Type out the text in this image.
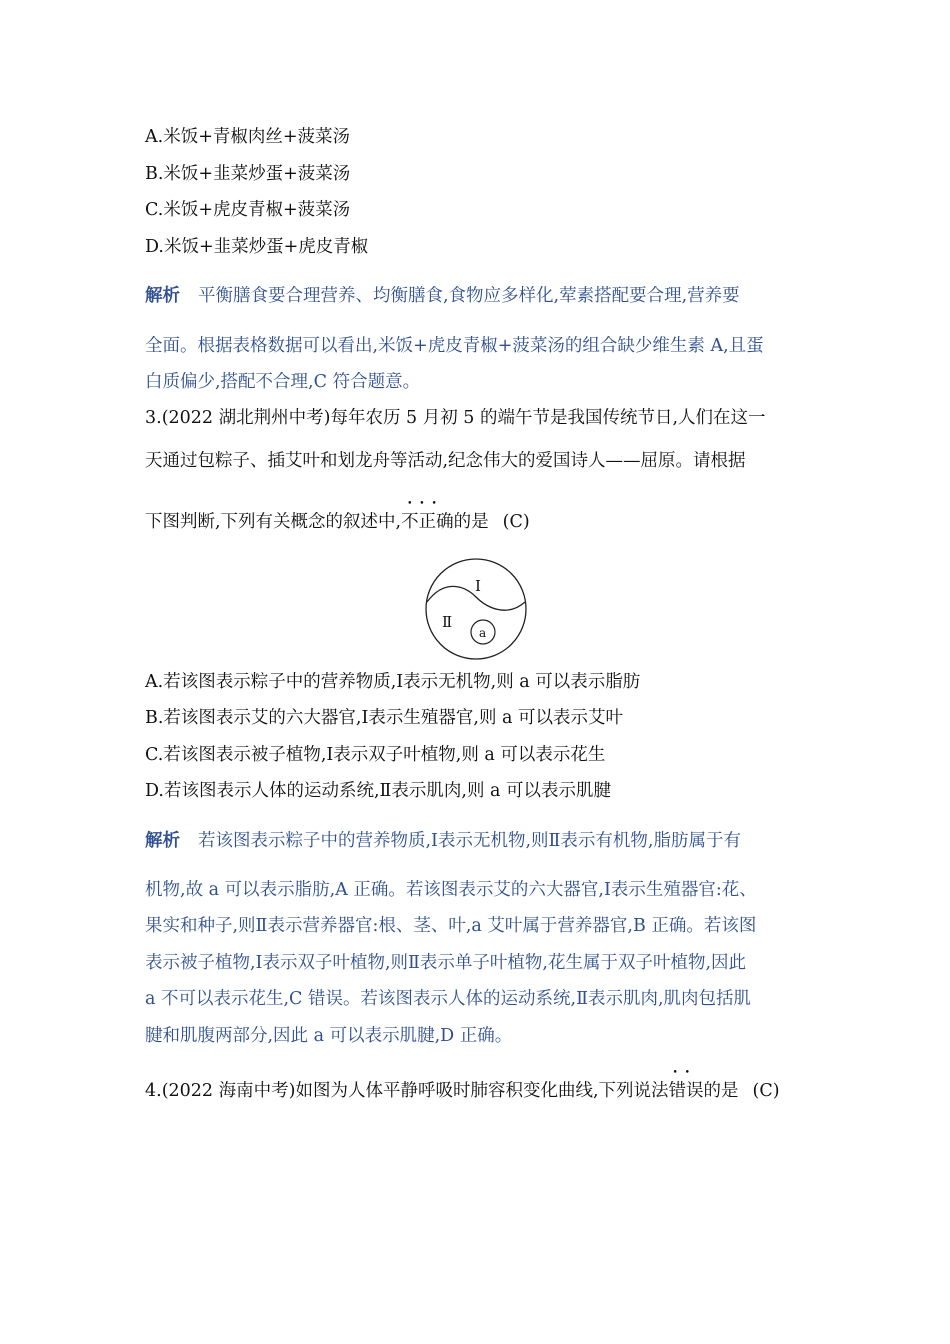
A.米饭+青椒肉丝+菠菜汤
B.米饭+韭菜炒蛋+菠菜汤
C.米饭+虎皮青椒+菠菜汤
D.米饭+韭菜炒蛋+虎皮青椒
解析 平衡膳食要合理营养、均衡膳食,食物应多样化,荤素搭配要合理,营养要
全面。根据表格数据可以看出,米饭+虎皮青椒+菠菜汤的组合缺少维生素 A,且蛋
白质偏少,搭配不合理,C 符合题意。
3.(2022 湖北荆州中考)每年农历 5 月初 5 的端午节是我国传统节日,人们在这一
天通过包粽子、插艾叶和划龙舟等活动,纪念伟大的爱国诗人——屈原。请根据
下图判断,下列有关概念的叙述中,• • • 不正确的是 (C)
Ⅰ
Ⅱ
a
A.若该图表示粽子中的营养物质,Ⅰ表示无机物,则 a 可以表示脂肪
B.若该图表示艾的六大器官,Ⅰ表示生殖器官,则 a 可以表示艾叶
C.若该图表示被子植物,Ⅰ表示双子叶植物,则 a 可以表示花生
D.若该图表示人体的运动系统,Ⅱ表示肌肉,则 a 可以表示肌腱
解析 若该图表示粽子中的营养物质,Ⅰ表示无机物,则Ⅱ表示有机物,脂肪属于有
机物,故 a 可以表示脂肪,A 正确。若该图表示艾的六大器官,Ⅰ表示生殖器官:花、
果实和种子,则Ⅱ表示营养器官:根、茎、叶,a 艾叶属于营养器官,B 正确。若该图
表示被子植物,Ⅰ表示双子叶植物,则Ⅱ表示单子叶植物,花生属于双子叶植物,因此
a 不可以表示花生,C 错误。若该图表示人体的运动系统,Ⅱ表示肌肉,肌肉包括肌
腱和肌腹两部分,因此 a 可以表示肌腱,D 正确。
4.(2022 海南中考)如图为人体平静呼吸时肺容积变化曲线,下列说法• • 错误的是 (C)
